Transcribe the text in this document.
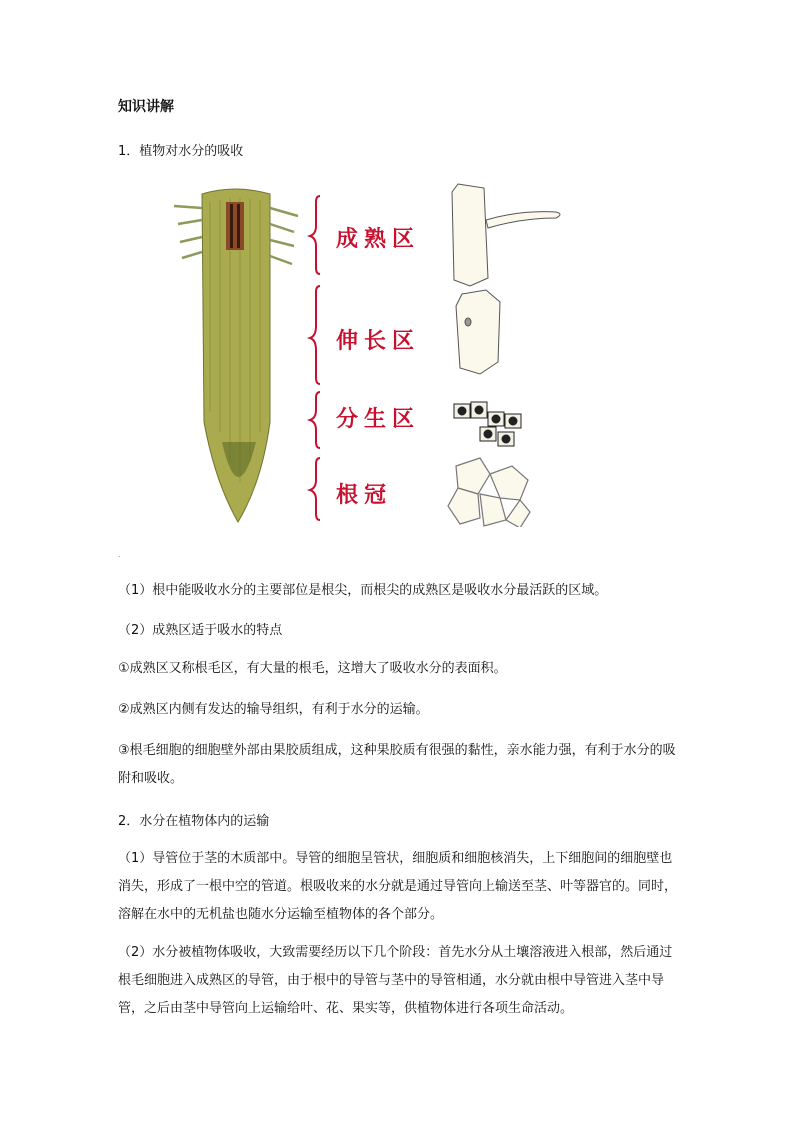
知识讲解
1．植物对水分的吸收
成熟区
伸长区
分生区
根冠
.
（1）根中能吸收水分的主要部位是根尖，而根尖的成熟区是吸收水分最活跃的区域。
（2）成熟区适于吸水的特点
①成熟区又称根毛区，有大量的根毛，这增大了吸收水分的表面积。
②成熟区内侧有发达的输导组织，有利于水分的运输。
③根毛细胞的细胞壁外部由果胶质组成，这种果胶质有很强的黏性，亲水能力强，有利于水分的吸附和吸收。
2．水分在植物体内的运输
（1）导管位于茎的木质部中。导管的细胞呈管状，细胞质和细胞核消失，上下细胞间的细胞壁也消失，形成了一根中空的管道。根吸收来的水分就是通过导管向上输送至茎、叶等器官的。同时，溶解在水中的无机盐也随水分运输至植物体的各个部分。
（2）水分被植物体吸收，大致需要经历以下几个阶段：首先水分从土壤溶液进入根部，然后通过根毛细胞进入成熟区的导管，由于根中的导管与茎中的导管相通，水分就由根中导管进入茎中导管，之后由茎中导管向上运输给叶、花、果实等，供植物体进行各项生命活动。
